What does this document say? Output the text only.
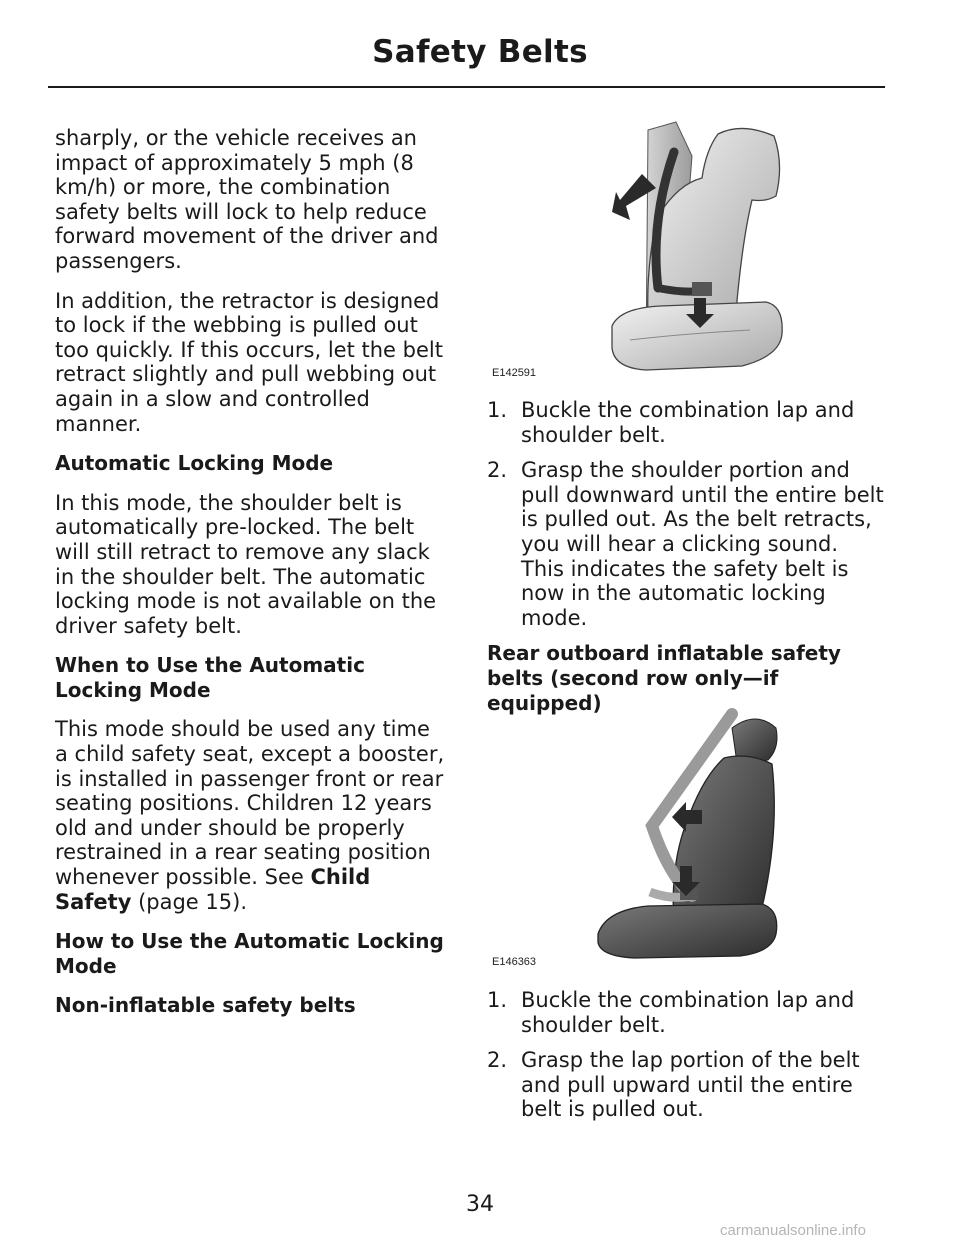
Safety Belts

sharply, or the vehicle receives an impact of approximately 5 mph (8 km/h) or more, the combination safety belts will lock to help reduce forward movement of the driver and passengers.

In addition, the retractor is designed to lock if the webbing is pulled out too quickly. If this occurs, let the belt retract slightly and pull webbing out again in a slow and controlled manner.

Automatic Locking Mode

In this mode, the shoulder belt is automatically pre-locked. The belt will still retract to remove any slack in the shoulder belt. The automatic locking mode is not available on the driver safety belt.

When to Use the Automatic Locking Mode

This mode should be used any time a child safety seat, except a booster, is installed in passenger front or rear seating positions. Children 12 years old and under should be properly restrained in a rear seating position whenever possible. See Child Safety (page 15).

How to Use the Automatic Locking Mode

Non-inflatable safety belts

E142591
1. Buckle the combination lap and shoulder belt.
2. Grasp the shoulder portion and pull downward until the entire belt is pulled out. As the belt retracts, you will hear a clicking sound. This indicates the safety belt is now in the automatic locking mode.

Rear outboard inflatable safety belts (second row only—if equipped)

E146363
1. Buckle the combination lap and shoulder belt.
2. Grasp the lap portion of the belt and pull upward until the entire belt is pulled out.
34
carmanualsonline.info
